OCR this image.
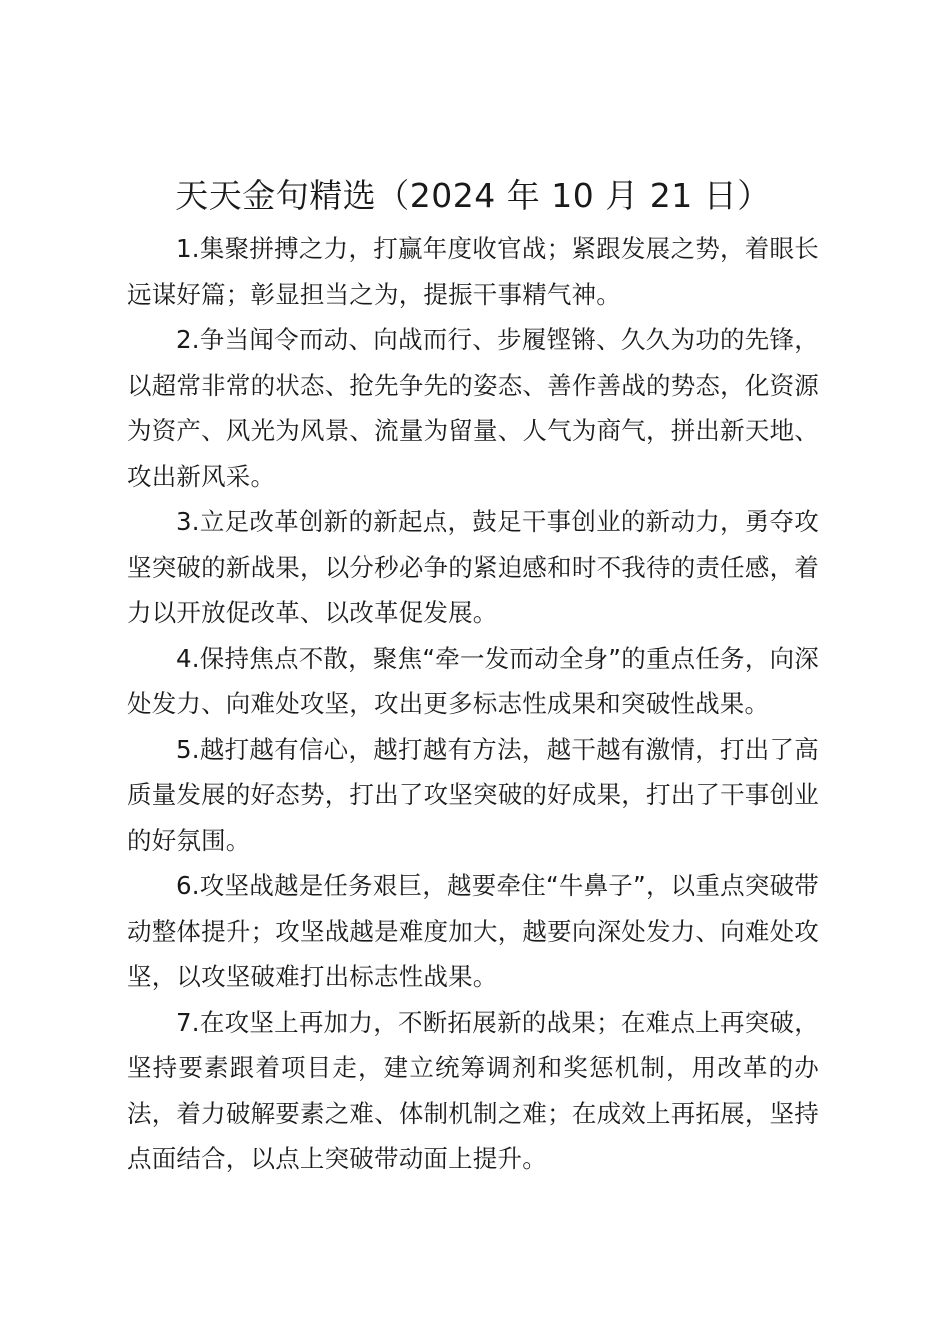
天天金句精选（2024 年 10 月 21 日）

1.集聚拼搏之力，打赢年度收官战；紧跟发展之势，着眼长远谋好篇；彰显担当之为，提振干事精气神。

2.争当闻令而动、向战而行、步履铿锵、久久为功的先锋，以超常非常的状态、抢先争先的姿态、善作善战的势态，化资源为资产、风光为风景、流量为留量、人气为商气，拼出新天地、攻出新风采。

3.立足改革创新的新起点，鼓足干事创业的新动力，勇夺攻坚突破的新战果，以分秒必争的紧迫感和时不我待的责任感，着力以开放促改革、以改革促发展。

4.保持焦点不散，聚焦“牵一发而动全身”的重点任务，向深处发力、向难处攻坚，攻出更多标志性成果和突破性战果。

5.越打越有信心，越打越有方法，越干越有激情，打出了高质量发展的好态势，打出了攻坚突破的好成果，打出了干事创业的好氛围。

6.攻坚战越是任务艰巨，越要牵住“牛鼻子”，以重点突破带动整体提升；攻坚战越是难度加大，越要向深处发力、向难处攻坚，以攻坚破难打出标志性战果。

7.在攻坚上再加力，不断拓展新的战果；在难点上再突破，坚持要素跟着项目走，建立统筹调剂和奖惩机制，用改革的办法，着力破解要素之难、体制机制之难；在成效上再拓展，坚持点面结合，以点上突破带动面上提升。
